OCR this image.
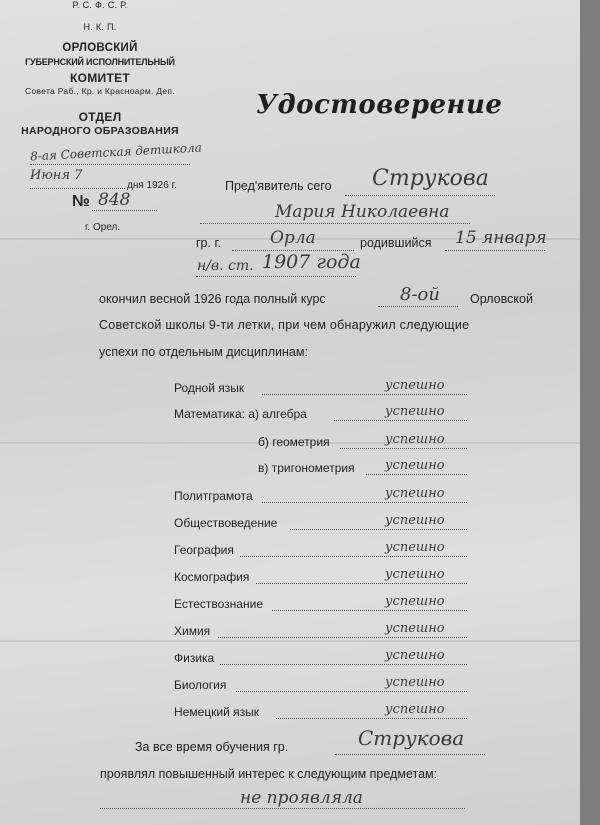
Р. С. Ф. С. Р.
Н. К. П.
ОРЛОВСКИЙ
ГУБЕРНСКИЙ ИСПОЛНИТЕЛЬНЫЙ
КОМИТЕТ
Совета Раб., Кр. и Красноарм. Деп.
ОТДЕЛ
НАРОДНОГО ОБРАЗОВАНИЯ
8-ая Советская детшкола
Июня 7
дня 1926 г.
№ 848
г. Орел.
Удостоверение
Пред'явитель сего Струкова
Мария Николаевна
гр. г.	Орла	родившийся 15 января
н/в. ст. 1907 года
окончил весной 1926 года полный курс	8-ой Орловской
Советской школы 9-ти летки, при чем обнаружил следующие
успехи по отдельным дисциплинам:
Родной язык	успешно
Математика: а) алгебра	успешно
б) геометрия	успешно
в) тригонометрия успешно
Политграмота	успешно
Обществоведение	успешно
География	успешно
Космография	успешно
Естествознание	успешно
Химия	успешно
Физика	успешно
Биология	успешно
Немецкий язык	успешно
За все время обучения гр.	Струкова
проявлял повышенный интерес к следующим предметам:
не проявляла
